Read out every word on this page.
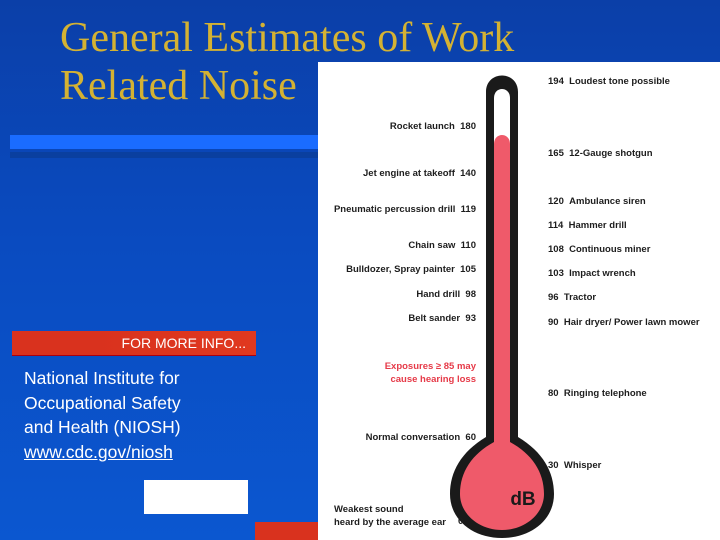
General Estimates of Work
Related Noise
FOR MORE INFO...
National Institute for
Occupational Safety
and Health (NIOSH)
www.cdc.gov/niosh
Rocket launch 180
Jet engine at takeoff 140
Pneumatic percussion drill 119
Chain saw 110
Bulldozer, Spray painter 105
Hand drill 98
Belt sander 93
Exposures ≥ 85 may
cause hearing loss
Normal conversation 60
Weakest sound
heard by the average ear	0
dB
194 Loudest tone possible
165 12-Gauge shotgun
120 Ambulance siren
114 Hammer drill
108 Continuous miner
103 Impact wrench
96 Tractor
90 Hair dryer/ Power lawn mower
80 Ringing telephone
30 Whisper
